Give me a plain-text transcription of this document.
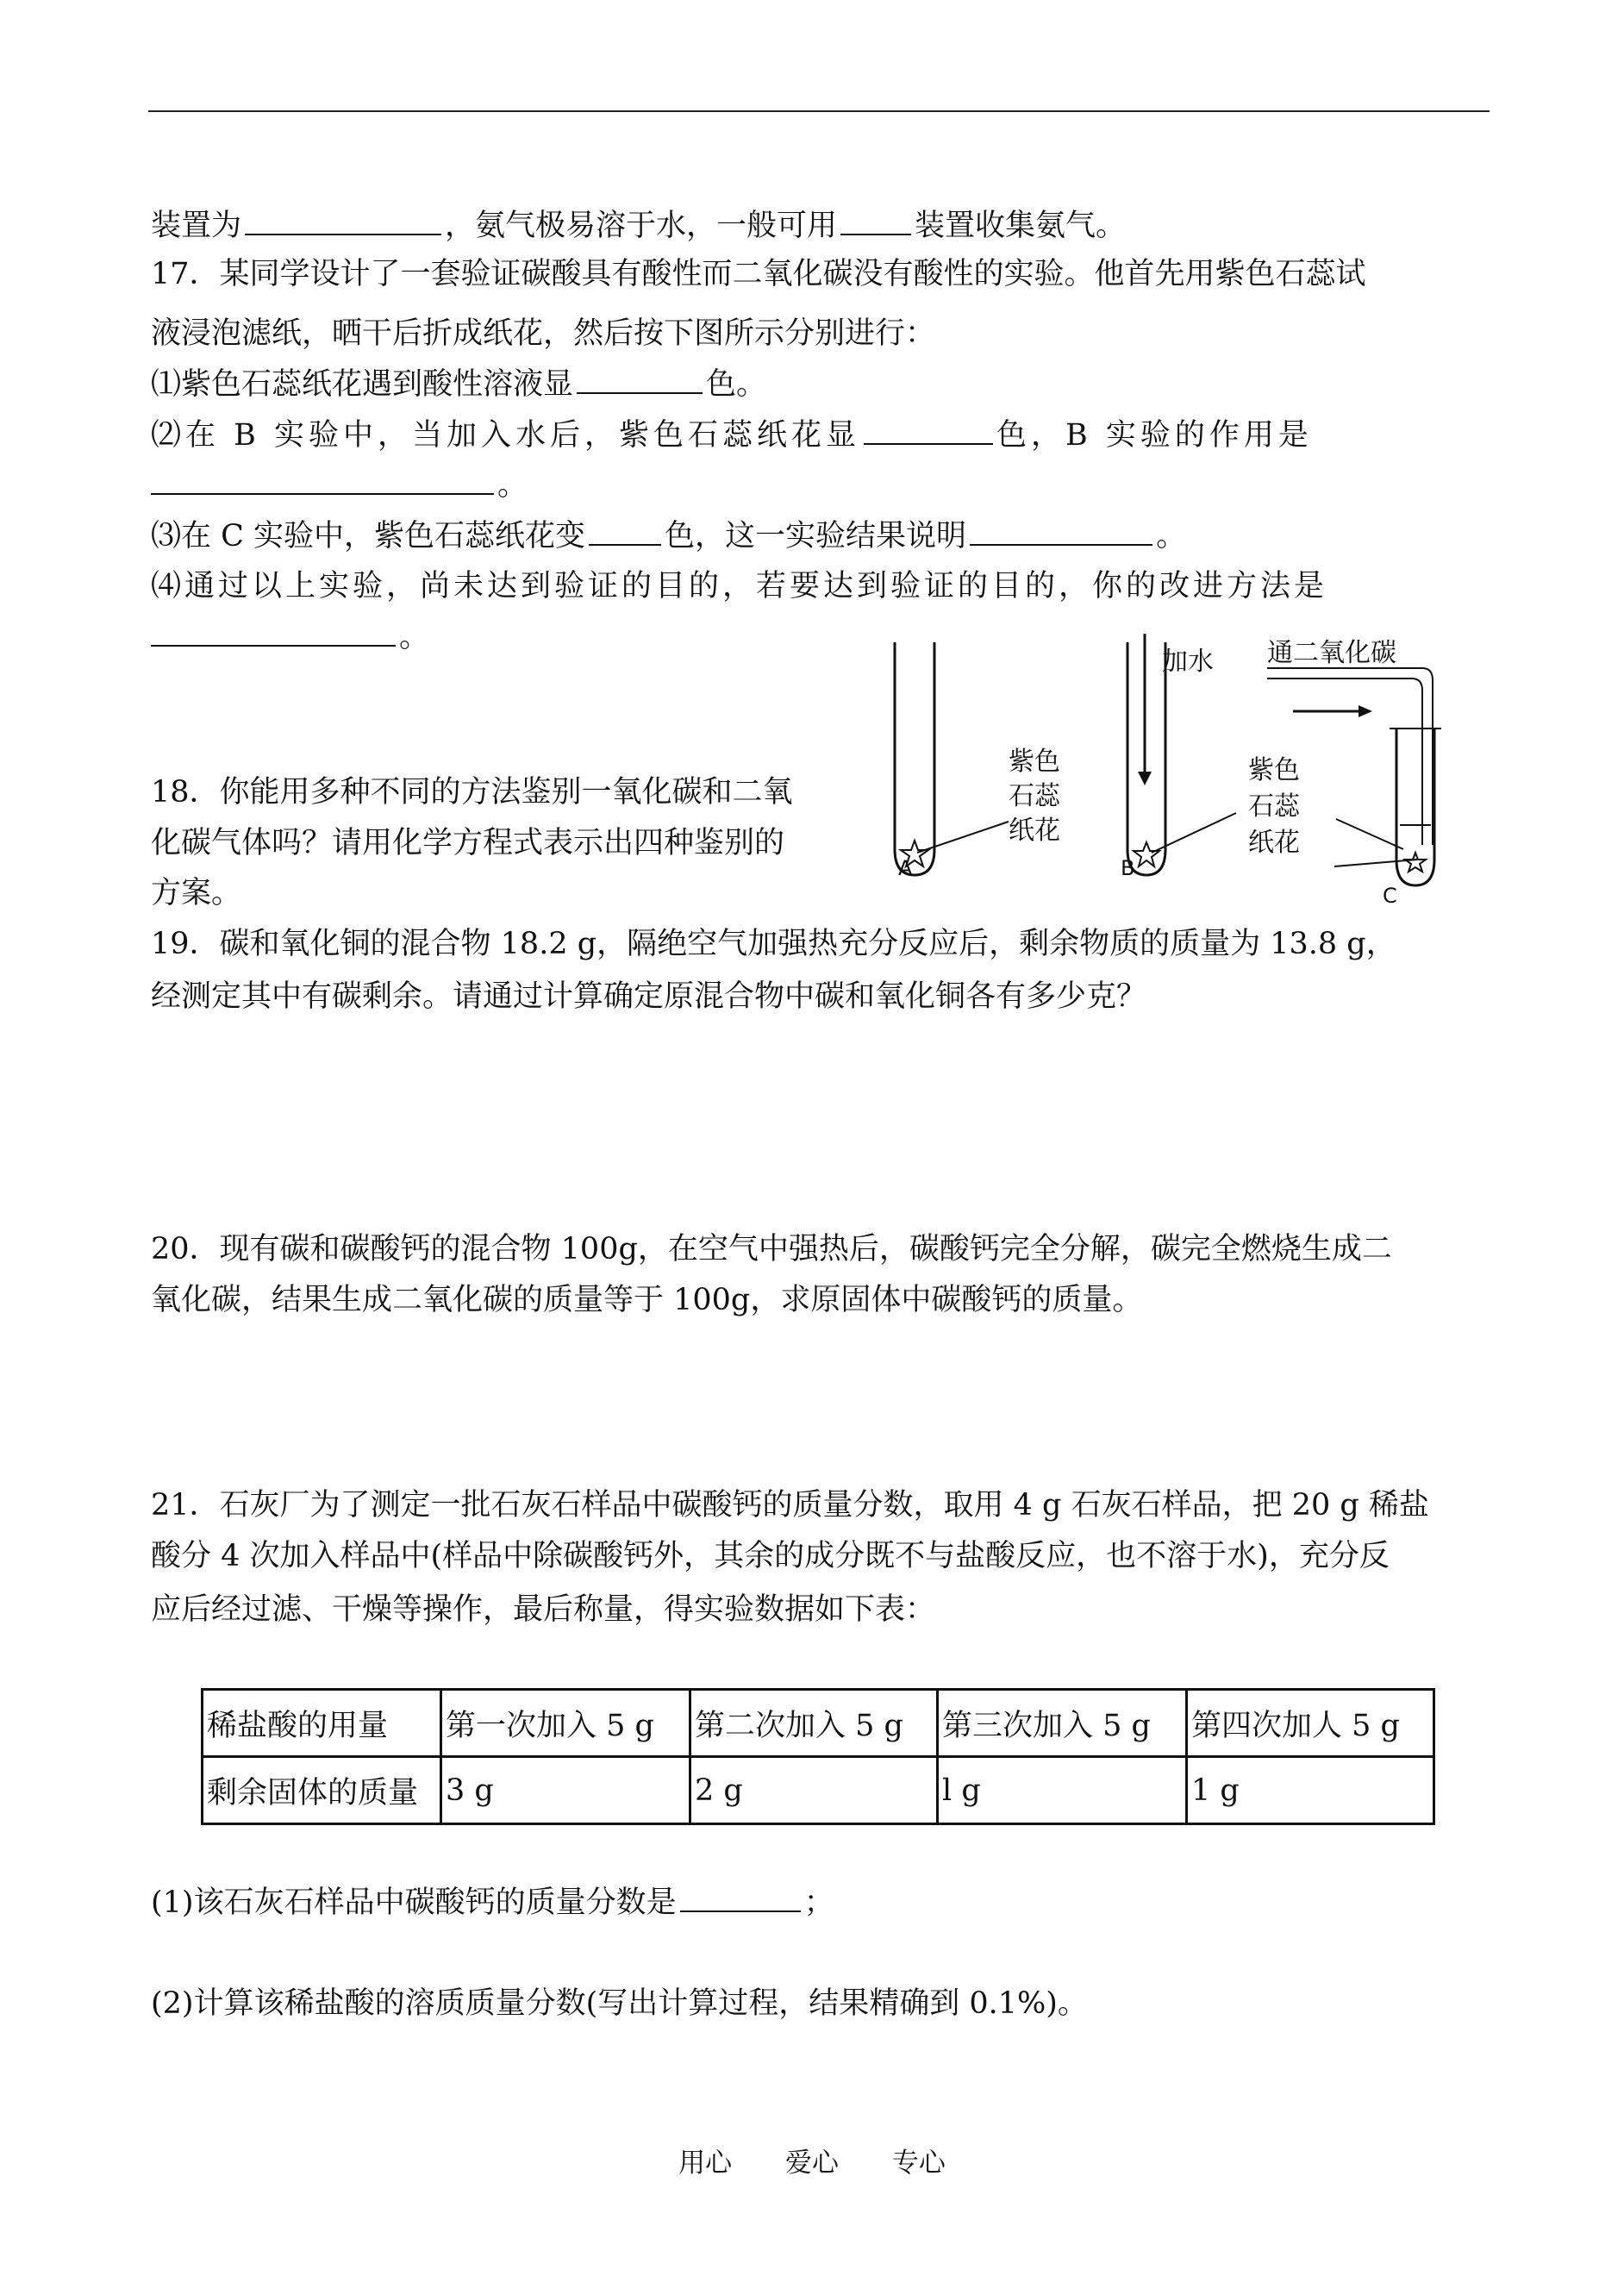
装置为	，氨气极易溶于水，一般可用	装置收集氨气。
17．某同学设计了一套验证碳酸具有酸性而二氧化碳没有酸性的实验。他首先用紫色石蕊试
液浸泡滤纸，晒干后折成纸花，然后按下图所示分别进行：
⑴紫色石蕊纸花遇到酸性溶液显	色。
⑵在 B 实验中，当加入水后，紫色石蕊纸花显	色，B 实验的作用是
。
⑶在 C 实验中，紫色石蕊纸花变	色，这一实验结果说明	。
⑷通过以上实验，尚未达到验证的目的，若要达到验证的目的，你的改进方法是
。
18．你能用多种不同的方法鉴别一氧化碳和二氧
化碳气体吗？请用化学方程式表示出四种鉴别的
方案。
加水 通二氧化碳
紫色
石蕊
纸花
紫色
石蕊
纸花
A	B
C
19．碳和氧化铜的混合物 18.2 g，隔绝空气加强热充分反应后，剩余物质的质量为 13.8 g，
经测定其中有碳剩余。请通过计算确定原混合物中碳和氧化铜各有多少克？
20．现有碳和碳酸钙的混合物 100g，在空气中强热后，碳酸钙完全分解，碳完全燃烧生成二
氧化碳，结果生成二氧化碳的质量等于 100g，求原固体中碳酸钙的质量。
21．石灰厂为了测定一批石灰石样品中碳酸钙的质量分数，取用 4 g 石灰石样品，把 20 g 稀盐
酸分 4 次加入样品中(样品中除碳酸钙外，其余的成分既不与盐酸反应，也不溶于水)，充分反
应后经过滤、干燥等操作，最后称量，得实验数据如下表：
稀盐酸的用量	第一次加入 5 g	第二次加入 5 g	第三次加入 5 g	第四次加人 5 g
剩余固体的质量	3 g	2 g	l g	1 g
(1)该石灰石样品中碳酸钙的质量分数是	；
(2)计算该稀盐酸的溶质质量分数(写出计算过程，结果精确到 0.1%)。
用心 爱心 专心
